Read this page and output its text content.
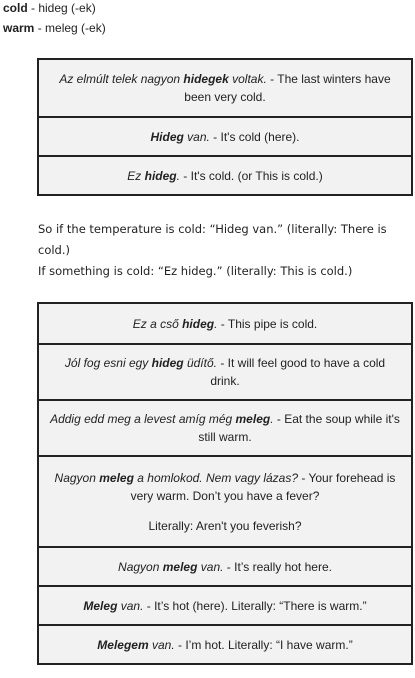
cold - hideg (-ek)
warm - meleg (-ek)
Az elmúlt telek nagyon hidegek voltak. - The last winters have been very cold.
Hideg van. - It's cold (here).
Ez hideg. - It's cold. (or This is cold.)

So if the temperature is cold: “Hideg van.” (literally: There is

cold.)

If something is cold: “Ez hideg.” (literally: This is cold.)

Ez a cső hideg. - This pipe is cold.
Jól fog esni egy hideg üdítő. - It will feel good to have a cold drink.
Addig edd meg a levest amíg még meleg. - Eat the soup while it's still warm.

Nagyon meleg a homlokod. Nem vagy lázas? - Your forehead is very warm. Don’t you have a fever?

Literally: Aren't you feverish?

Nagyon meleg van. - It’s really hot here.
Meleg van. - It’s hot (here). Literally: “There is warm.”
Melegem van. - I’m hot. Literally: “I have warm.”
